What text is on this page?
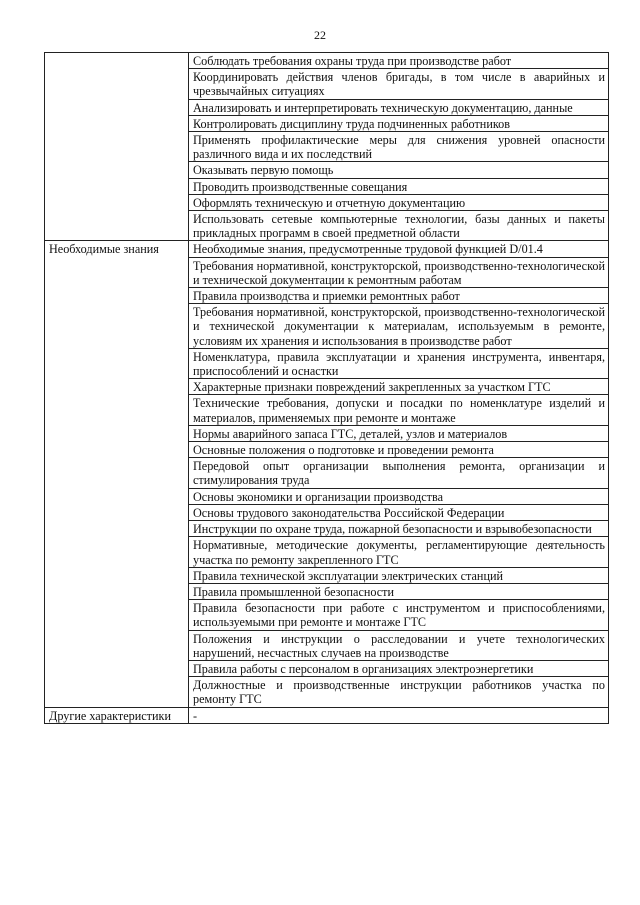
22
	Соблюдать требования охраны труда при производстве работ
	Координировать действия членов бригады, в том числе в аварийных и чрезвычайных ситуациях
	Анализировать и интерпретировать техническую документацию, данные
	Контролировать дисциплину труда подчиненных работников
	Применять профилактические меры для снижения уровней опасности различного вида и их последствий
	Оказывать первую помощь
	Проводить производственные совещания
	Оформлять техническую и отчетную документацию
	Использовать сетевые компьютерные технологии, базы данных и пакеты прикладных программ в своей предметной области
Необходимые знания	Необходимые знания, предусмотренные трудовой функцией D/01.4
	Требования нормативной, конструкторской, производственно-технологической и технической документации к ремонтным работам
	Правила производства и приемки ремонтных работ
	Требования нормативной, конструкторской, производственно-технологической и технической документации к материалам, используемым в ремонте, условиям их хранения и использования в производстве работ
	Номенклатура, правила эксплуатации и хранения инструмента, инвентаря, приспособлений и оснастки
	Характерные признаки повреждений закрепленных за участком ГТС
	Технические требования, допуски и посадки по номенклатуре изделий и материалов, применяемых при ремонте и монтаже
	Нормы аварийного запаса ГТС, деталей, узлов и материалов
	Основные положения о подготовке и проведении ремонта
	Передовой опыт организации выполнения ремонта, организации и стимулирования труда
	Основы экономики и организации производства
	Основы трудового законодательства Российской Федерации
	Инструкции по охране труда, пожарной безопасности и взрывобезопасности
	Нормативные, методические документы, регламентирующие деятельность участка по ремонту закрепленного ГТС
	Правила технической эксплуатации электрических станций
	Правила промышленной безопасности
	Правила безопасности при работе с инструментом и приспособлениями, используемыми при ремонте и монтаже ГТС
	Положения и инструкции о расследовании и учете технологических нарушений, несчастных случаев на производстве
	Правила работы с персоналом в организациях электроэнергетики
	Должностные и производственные инструкции работников участка по ремонту ГТС
Другие характеристики	-
